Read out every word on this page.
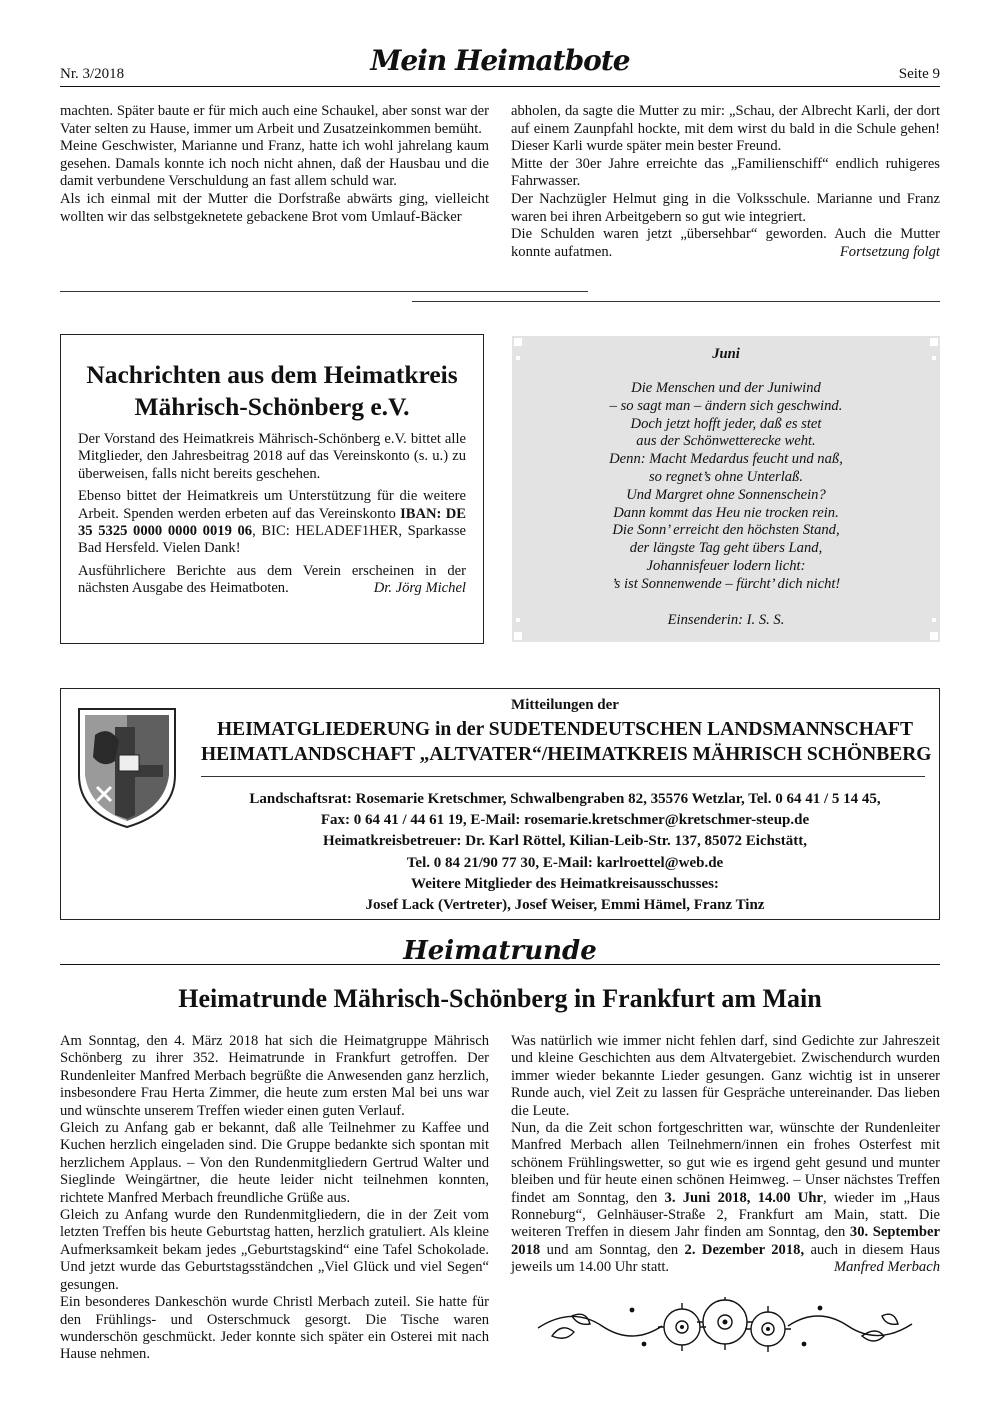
Nr. 3/2018	Mein Heimatbote	Seite 9

machten. Später baute er für mich auch eine Schaukel, aber sonst war der Vater selten zu Hause, immer um Arbeit und Zusatzeinkommen bemüht.

Meine Geschwister, Marianne und Franz, hatte ich wohl jahrelang kaum gesehen. Damals konnte ich noch nicht ahnen, daß der Hausbau und die damit verbundene Verschuldung an fast allem schuld war.

Als ich einmal mit der Mutter die Dorfstraße abwärts ging, vielleicht wollten wir das selbstgeknetete gebackene Brot vom Umlauf-Bäcker

abholen, da sagte die Mutter zu mir: „Schau, der Albrecht Karli, der dort auf einem Zaunpfahl hockte, mit dem wirst du bald in die Schule gehen! Dieser Karli wurde später mein bester Freund.

Mitte der 30er Jahre erreichte das „Familienschiff“ endlich ruhigeres Fahrwasser.

Der Nachzügler Helmut ging in die Volksschule. Marianne und Franz waren bei ihren Arbeitgebern so gut wie integriert.

Die Schulden waren jetzt „übersehbar“ geworden. Auch die Mutter konnte aufatmen.	Fortsetzung folgt
Nachrichten aus dem Heimatkreis
Mährisch-Schönberg e.V.

Der Vorstand des Heimatkreis Mährisch-Schönberg e.V. bittet alle Mitglieder, den Jahresbeitrag 2018 auf das Vereinskonto (s. u.) zu überweisen, falls nicht bereits geschehen.

Ebenso bittet der Heimatkreis um Unterstützung für die weitere Arbeit. Spenden werden erbeten auf das Vereinskonto IBAN: DE 35 5325 0000 0000 0019 06, BIC: HELADEF1HER, Sparkasse Bad Hersfeld. Vielen Dank!

Ausführlichere Berichte aus dem Verein erscheinen in der nächsten Ausgabe des Heimatboten.	Dr. Jörg Michel
Juni
Die Menschen und der Juniwind
– so sagt man – ändern sich geschwind.
Doch jetzt hofft jeder, daß es stet
aus der Schönwetterecke weht.
Denn: Macht Medardus feucht und naß,
so regnet’s ohne Unterlaß.
Und Margret ohne Sonnenschein?
Dann kommt das Heu nie trocken rein.
Die Sonn’ erreicht den höchsten Stand,
der längste Tag geht übers Land,
Johannisfeuer lodern licht:
’s ist Sonnenwende – fürcht’ dich nicht!
Einsenderin: I. S. S.
Mitteilungen der
HEIMATGLIEDERUNG in der SUDETENDEUTSCHEN LANDSMANNSCHAFT
HEIMATLANDSCHAFT „ALTVATER“/HEIMATKREIS MÄHRISCH SCHÖNBERG
Landschaftsrat: Rosemarie Kretschmer, Schwalbengraben 82, 35576 Wetzlar, Tel. 0 64 41 / 5 14 45,
Fax: 0 64 41 / 44 61 19, E-Mail: rosemarie.kretschmer@kretschmer-steup.de
Heimatkreisbetreuer: Dr. Karl Röttel, Kilian-Leib-Str. 137, 85072 Eichstätt,
Tel. 0 84 21/90 77 30, E-Mail: karlroettel@web.de
Weitere Mitglieder des Heimatkreisausschusses:
Josef Lack (Vertreter), Josef Weiser, Emmi Hämel, Franz Tinz
Heimatrunde
Heimatrunde Mährisch-Schönberg in Frankfurt am Main

Am Sonntag, den 4. März 2018 hat sich die Heimatgruppe Mährisch Schönberg zu ihrer 352. Heimatrunde in Frankfurt getroffen. Der Rundenleiter Manfred Merbach begrüßte die Anwesenden ganz herzlich, insbesondere Frau Herta Zimmer, die heute zum ersten Mal bei uns war und wünschte unserem Treffen wieder einen guten Verlauf.

Gleich zu Anfang gab er bekannt, daß alle Teilnehmer zu Kaffee und Kuchen herzlich eingeladen sind. Die Gruppe bedankte sich spontan mit herzlichem Applaus. – Von den Rundenmitgliedern Gertrud Walter und Sieglinde Weingärtner, die heute leider nicht teilnehmen konnten, richtete Manfred Merbach freundliche Grüße aus.

Gleich zu Anfang wurde den Rundenmitgliedern, die in der Zeit vom letzten Treffen bis heute Geburtstag hatten, herzlich gratuliert. Als kleine Aufmerksamkeit bekam jedes „Geburtstagskind“ eine Tafel Schokolade. Und jetzt wurde das Geburtstagsständchen „Viel Glück und viel Segen“ gesungen.

Ein besonderes Dankeschön wurde Christl Merbach zuteil. Sie hatte für den Frühlings- und Osterschmuck gesorgt. Die Tische waren wunderschön geschmückt. Jeder konnte sich später ein Osterei mit nach Hause nehmen.

Was natürlich wie immer nicht fehlen darf, sind Gedichte zur Jahreszeit und kleine Geschichten aus dem Altvatergebiet. Zwischendurch wurden immer wieder bekannte Lieder gesungen. Ganz wichtig ist in unserer Runde auch, viel Zeit zu lassen für Gespräche untereinander. Das lieben die Leute.

Nun, da die Zeit schon fortgeschritten war, wünschte der Rundenleiter Manfred Merbach allen Teilnehmern/innen ein frohes Osterfest mit schönem Frühlingswetter, so gut wie es irgend geht gesund und munter bleiben und für heute einen schönen Heimweg. – Unser nächstes Treffen findet am Sonntag, den 3. Juni 2018, 14.00 Uhr, wieder im „Haus Ronneburg“, Gelnhäuser-Straße 2, Frankfurt am Main, statt. Die weiteren Treffen in diesem Jahr finden am Sonntag, den 30. September 2018 und am Sonntag, den 2. Dezember 2018, auch in diesem Haus jeweils um 14.00 Uhr statt.	Manfred Merbach
